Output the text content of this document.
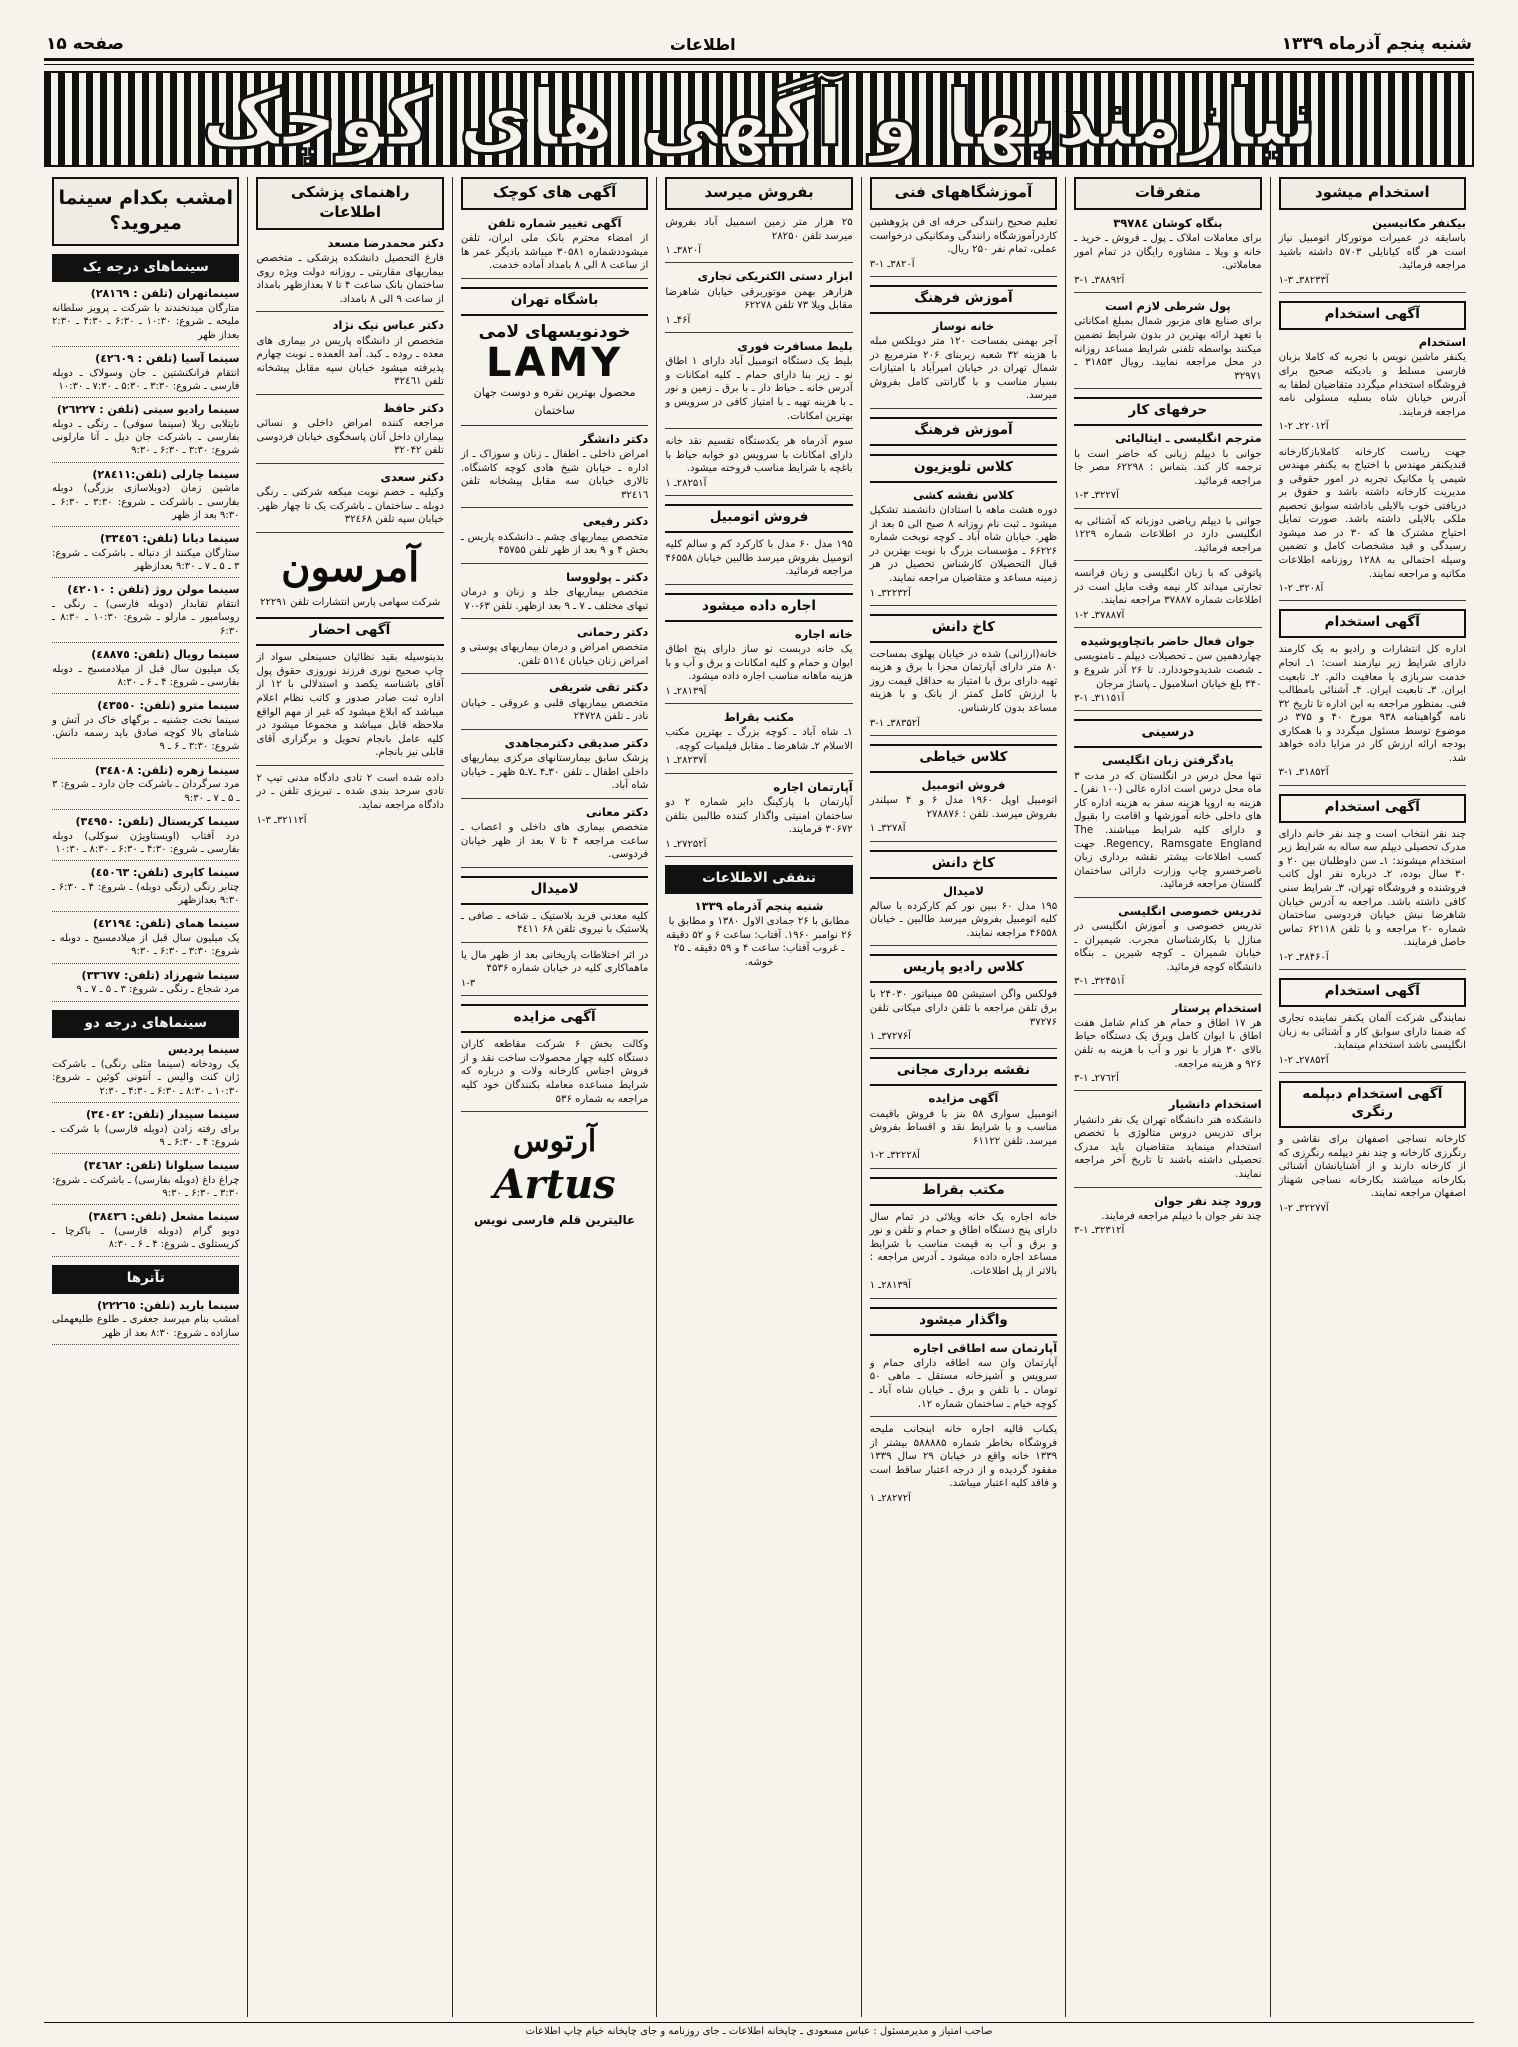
صفحه ۱۵	اطلاعات	شنبه پنجم آذرماه ۱۳۳۹
نیازمندیها و آگهی های کوچک
استخدام میشود
بیکنفر مکانیسین
باسابقه در عمیرات موتورکار اتومبیل نیاز است هر گاه کیانایلی ۵۷۰۳ داشته باشید مراجعه فرمائید.
آ۳۸۲۳۳ـ ۳-۱
آگهی استخدام
استخدام
یکنفر ماشین نویس با تجربه که کاملا بزبان فارسی مسلط و بادیکته صحیح برای فروشگاه استخدام میگردد متقاضیان لطفا به آدرس خیابان شاه بسلیه مسئولی نامه مراجعه فرمایند.
آ۲۲۰۱۲ـ ۲-۱
جهت ریاست کارخانه کاملابازکارخانه قندیکنفر مهندس با اختیاج به یکنفر مهندس شیمی یا مکانیک تجربه در امور حقوقی و مدیریت کارخانه داشته باشد و حقوق بر دریافتی خوب بالایلی باداشته سوابق تحصیم ملکی بالایلی داشته باشد. صورت تمایل احتیاج مشترک ها که ۳۰ در صد میشود رسیدگی و قید مشخصات کامل و تضمین وسیله احتمالی به ۱۲۸۸ روزنامه اطلاعات مکاتبه و مراجعه نمایند.
آ۳۲۰۸ـ ۲-۱
آگهی استخدام
اداره کل انتشارات و رادیو به یک کارمند دارای شرایط زیر نیازمند است: ۱ـ انجام خدمت سربازی یا معافیت دائم. ۲ـ تابعیت ایران. ۳ـ تابعیت ایران. ۴ـ آشنائی بامطالب فنی. بمنظور مراجعه به این اداره تا تاریخ ۳۲ نامه گواهینامه ۹۳۸ مورخ ۴۰ و ۳۷۵ در موضوع توسط مسئول میگردد و با همکاری بودجه ارائه ارزش کار در مزایا داده خواهد شد.
آ۳۱۸۵۲ـ ۱-۳
آگهی استخدام
چند نفر انتخاب است و چند نفر خانم دارای مدرک تحصیلی دیپلم سه ساله به شرایط زیر استخدام میشوند: ۱ـ سن داوطلبان بین ۲۰ و ۳۰ سال بوده، ۲ـ درباره نفر اول کاتب فروشنده و فروشگاه تهران، ۳ـ شرایط سنی کافی داشته باشد. مراجعه به آدرس خیابان شاهرضا نبش خیابان فردوسی ساختمان شماره ۲۰ مراجعه و با تلفن ۶۲۱۱۸ تماس حاصل فرمایند.
آ۳۸۴۶۰ـ ۲-۱
آگهی استخدام
نمایندگی شرکت آلمان یکنفر نماینده تجاری که ضمنا دارای سوابق کار و آشنائی به زبان انگلیسی باشد استخدام مینماید.
آ۲۷۸۵۲ـ ۲-۱
آگهی استخدام دبپلمه رتگری
کارخانه نساجی اصفهان برای نقاشی و رنگرزی کارخانه و چند نفر دیپلمه رنگرزی که از کارخانه دارند و از آشنایانشان آشنائی بکارخانه میباشند بکارخانه نساجی شهناز اصفهان مراجعه نمایند.
آ۳۲۲۷۷ـ ۲-۱
متفرقات
بنگاه کوشان ۳۹۷۸٤
برای معاملات املاک ـ پول ـ فروش ـ خرید ـ خانه و ویلا ـ مشاوره رایگان در تمام امور معاملاتی.
آ۳۸۸۹۲ـ ۱-۳
پول شرطی لازم است
برای صنایع های مزبور شمال بمبلغ امکاناتی با تعهد ارائه بهترین در بدون شرایط تضمین میکنند بواسطه تلفنی شرایط مساعد روزانه در محل مراجعه نمایید. رویال ۳۱۸۵۳ ـ ۳۲۹۷۱
حرفهای کار
مترجم انگلیسی ـ ایتالیائی
جوانی با دیپلم زبانی که حاضر است با ترجمه کار کند. بتماس : ۶۲۲۹۸ مصر جا مراجعه فرمائید.
آ۳۲۲۷ـ ۳-۱
جوانی با دیپلم ریاضی دوزبانه که آشنائی به انگلیسی دارد در اطلاعات شماره ۱۲۲۹ مراجعه فرمائید.
پاتوقی که با زبان انگلیسی و زبان فرانسه تجارتی میداند کار نیمه وقت مایل است در اطلاعات شماره ۳۷۸۸۷ مراجعه نمایند.
آ۳۷۸۸۷ـ ۲-۱
جوان فعال حاضر باتچاوپوشیده
چهاردهمین سن ـ تحصیلات دیپلم ـ نامنویسی ـ شصت شدیدوجوددارد. تا ۲۶ آذر شروع و ۳۴۰ بلغ خیابان اسلامبول ـ پاساژ مرجان
آ۳۱۱۵۱ـ ۱-۳
درسینی
یادگرفتن زبان انگلیسی
تنها محل درس در انگلستان که در مدت ۳ ماه محل درس است اداره عالی (۱۰۰ نفر) ـ هزینه به اروپا هزینه سفر به هزینه اداره کار های داخلی خانه آموزشها و اقامت را بقبول و دارای کلیه شرایط میباشند. The Regency, Ramsgate England. جهت کسب اطلاعات بیشتر نقشه برداری زبان ناصرخسرو چاپ وزارت دارائی ساختمان گلستان مراجعه فرمائید.
تدریس خصوصی انگلیسی
تدریس خصوصی و آموزش انگلیسی در منازل با بکارشناسان مجرب. شیمیران ـ خیابان شمیران ـ کوچه شیرین ـ بنگاه دانشگاه کوچه فرمائید.
آ۳۲۴۵۱ـ ۱-۳
استخدام پرستار
هر ۱۷ اطاق و حمام هر کدام شامل هفت اطاق با ایوان کامل ویرق یک دستگاه حیاط بالای ۳۰ هزار با نور و آب با هزینه به تلفن ۹۲۶ و هزینه مراجعه.
آ۲۷٦۲ـ ۱-۳
استخدام دانشیار
دانشکده هنر دانشگاه تهران یک نفر دانشیار برای تدریس دروس متالوژی با تخصص استخدام مینماید متقاضیان باید مدرک تحصیلی داشته باشند تا تاریخ آخر مراجعه نمایند.
ورود چند نفر جوان
چند نفر جوان با دیپلم مراجعه فرمایند.
آ۳۲۳۱۲ـ ۱-۳
آموزشگاههای فنی
تعلیم صحیح رانندگی حرفه ای فن پژوهشین کاردرآموزشگاه رانندگی ومکانیکی درخواست عملی، تمام نفر ۲۵۰ ریال.
آ۳۸۲۰ـ ۱-۳
آموزش فرهنگ
خانه نوساز
آجر بهمنی بمساحت ۱۲۰ متر دوبلکس مبله با هزینه ۳۲ شعبه زیربنای ۲۰۶ مترمربع در شمال تهران در خیابان امیرآباد با امتیازات بسیار مناسب و با گارانتی کامل بفروش میرسد.
آموزش فرهنگ
کلاس تلویزیون
کلاس نقشه کشی
دوره هشت ماهه با استادان دانشمند تشکیل میشود ـ ثبت نام روزانه ۸ صبح الی ۵ بعد از ظهر. خیابان شاه آباد ـ کوچه نوبخت شماره ۶۶۲۲۶ ـ مؤسسات بزرگ با نوبت بهترین در قبال التحصیلان کارشناس تحصیل در هر زمینه مساعد و متقاضیان مراجعه نمایند.
آ۳۲۲۳۲ـ ۱
کاخ دانش
خانه(ارزانی) شده در خیابان پهلوی بمساحت ۸۰ متر دارای آپارتمان مجزا با برق و هزینه تهیه دارای برق با امتیاز به حداقل قیمت روز با ارزش کامل کمتر از بانک و با هزینه مساعد بدون کارشناس.
آ۳۸۳۵۲ـ ۱-۳
کلاس خیاطی
فروش اتومبیل
اتومبیل اوپل ۱۹۶۰ مدل ۶ و ۴ سیلندر بفروش میرسد. تلفن : ۲۷۸۸۷۶
آ۳۲۷۸ـ ۱
کاخ دانش
لامیدال
۱۹۵ مدل ۶۰ ببین نور کم کارکرده با سالم کلیه اتومبیل بفروش میرسد طالبین ـ خیابان ۴۶۵۵۸ مراجعه نمایند.
کلاس رادیو پاریس
فولکس واگن استیشن ۵۵ مینیاتور ۲۴۰۳۰ با برق تلفن مراجعه با تلفن دارای میکانی تلفن ۳۷۲۷۶
آ۳۷۲۷۶ـ ۱
نقشه برداری مجانی
آگهی مزایده
اتومبیل سواری ۵۸ بنز با فروش باقیمت مناسب و با شرایط نقد و اقساط بفروش میرسد. تلفن ۶۱۱۲۲
آ۳۲۲۲۸ـ ۲-۱
مکتب بقراط
خانه اجاره یک خانه ویلائی در تمام سال دارای پنج دستگاه اطاق و حمام و تلفن و نور و برق و آب به قیمت مناسب با شرایط مساعد اجاره داده میشود ـ آدرس مراجعه : بالاتر از پل اطلاعات.
آ۲۸۱۳۹ـ ۱
واگذار میشود
آپارتمان سه اطاقی اجاره
آپارتمان وان سه اطاقه دارای حمام و سرویس و آشپزخانه مستقل ـ ماهی ۵۰ تومان ـ با تلفن و برق ـ خیابان شاه آباد ـ کوچه خیام ـ ساختمان شماره ۱۲.
یکباب قالیه اجاره خانه اینجانب ملیحه فروشگاه بخاطر شماره ۵۸۸۸۸۵ بیشتر از ۱۳۳۹ خانه واقع در خیابان ۲۹ سال ۱۳۳۹ مفقود گردیده و از درجه اعتبار ساقط است و فاقد کلیه اعتبار میباشد.
آ۲۸۲۷۲ـ ۱
بفروش میرسد
۲۵ هزار متر زمین اسمبیل آباد بفروش میرسد تلفن ۲۸۲۵۰
آ۳۸۲۰ـ ۱
ابزار دستی الکتریکی تجاری
هزارهر بهمن موتوربرقی خیابان شاهرضا مقابل ویلا ۷۳ تلفن ۶۲۲۷۸
آ۴۶ـ ۱
بلیط مسافرت فوری
بلیط یک دستگاه اتومبیل آباد دارای ۱ اطاق نو ـ زیر بنا دارای حمام ـ کلیه امکانات و آدرس خانه ـ حیاط دار ـ با برق ـ زمین و نور ـ با هزینه تهیه ـ با امتیاز کافی در سرویس و بهترین امکانات.
سوم آذرماه هر یکدستگاه تقسیم نقد خانه دارای امکانات با سرویس دو خوابه حیاط با باغچه با شرایط مناسب فروخته میشود.
آ۲۸۲۵۱ـ ۱
فروش اتومبیل
۱۹۵ مدل ۶۰ مدل با کارکرد کم و سالم کلیه اتومبیل بفروش میرسد طالبین خیابان ۴۶۵۵۸ مراجعه فرمائید.
اجاره داده میشود
خانه اجاره
یک خانه دربست نو ساز دارای پنج اطاق ایوان و حمام و کلیه امکانات و برق و آب و با هزینه ماهانه مناسب اجاره داده میشود.
آ۲۸۱۳۹ـ ۱
مکتب بقراط
۱ـ شاه آباد ـ کوچه بزرگ ـ بهترین مکتب الاسلام ۲ـ شاهرضا ـ مقابل فیلمیات کوچه.
آ۲۸۲۳۷ـ ۱
آپارتمان اجاره
آپارتمان با پارکینگ دایر شماره ۲ دو ساختمان امنیتی واگذار کننده طالبین بتلفن ۳۰۶۷۲ فرمایند.
آ۲۷۲۵۲ـ ۱
تنفقی الاطلاعات
شنبه پنجم آذرماه ۱۳۳۹
مطابق با ۲۶ جمادی الاول ۱۳۸۰ و مطابق با ۲۶ نوامبر ۱۹۶۰. آفتاب: ساعت ۶ و ۵۲ دقیقه ـ غروب آفتاب: ساعت ۴ و ۵۹ دقیقه ـ ۲۵ خوشه.
آگهی های کوچک
آگهی تغییر شماره تلفن
از امضاء محترم بانک ملی ایران، تلفن میشوددشماره ۳۰۵۸۱ میباشد بادیگر عمر ها از ساعت ۸ الی ۸ بامداد آماده خدمت.
باشگاه تهران
خودنویسهای لامی
LAMY
محصول بهترین نقره و دوست جهان
ساختمان
دکتر دانشگر
امراض داخلی ـ اطفال ـ زنان و سوزاک ـ از اداره ـ خیابان شیخ هادی کوچه کاشنگاه. تالاری خیابان سه مقابل پیشخانه تلفن ۳۲٤۱٦
دکتر رفیعی
متخصص بیماریهای چشم ـ دانشکده پاریس ـ بخش ۴ و ۹ بعد از ظهر تلفن ۴۵۷۵۵
دکتر ـ پولووسا
متخصص بیماریهای جلد و زنان و درمان تبهای مختلف ـ ۷ ـ ۹ بعد ازظهر. تلفن ۶۳-۷۰
دکتر رحمانی
متخصص امراض و درمان بیماریهای پوستی و امراض زنان خیابان ۵۱۱٤ تلفن.
دکتر تقی شریفی
متخصص بیماریهای قلبی و عروقی ـ خیابان نادر ـ تلفن ۲۴۷۲۸
دکتر صدیقی دکترمجاهدی
پزشک سابق بیمارستانهای مرکزی بیماریهای داخلی اطفال ـ تلفن ۳۰ـ۴ ـ۷ـ۵ ظهر ـ خیابان شاه آباد.
دکتر معانی
متخصص بیماری های داخلی و اعصاب ـ ساعت مراجعه ۴ تا ۷ بعد از ظهر خیابان فردوسی.
لامیدال
کلیه معدنی فرید بلاستیک ـ شاخه ـ صافی ـ پلاستیک با نیروی تلفن ۶۸ ۴٤۱۱
در اثر اختلاطات پاریخانی بعد از ظهر مال یا ماهماکاری کلیه در خیابان شماره ۴۵۳۶
۱-۳
آگهی مزایده
وکالت بخش ۶ شرکت مقاطعه کاران دستگاه کلیه چهار محصولات ساخت نقد و از فروش اجناس کارخانه ولات و درباره که شرایط مساعده معامله بکنندگان خود کلیه مراجعه به شماره ۵۳۶
آرتوس
Artus
عالیترین قلم فارسی نویس
راهنمای پزشکی اطلاعات
دکتر محمدرضا مسعد
فارغ التحصیل دانشکده پزشکی ـ متخصص بیماریهای مقاربتی ـ روزانه دولت ویژه روی ساختمان بانک ساعت ۴ تا ۷ بعدازظهر بامداد از ساعت ۹ الی ۸ بامداد.
دکتر عباس نیک نژاد
متخصص از دانشگاه پاریس در بیماری های معده ـ روده ـ کبد. آمد العمده ـ نوبت چهارم پذیرفته میشود خیابان سپه مقابل پیشخانه تلفن ۳۲٤٦۱
دکتر حافظ
مراجعه کننده امراض داخلی و نسائی بیماران داخل آنان پاسخگوی خیابان فردوسی تلفن ۳۲۰۴۲
دکتر سعدی
وکیلیه ـ خضم نوبت مبکعه شرکتی ـ رنگی دوبله ـ ساختمان ـ باشرکت یک تا چهار ظهر. خیابان سپه تلفن ۳۲٤۶۸
آمرسون
شرکت سهامی پارس انتشارات تلفن ۲۲۲۹۱
آگهی احضار
بدینوسیله بقید نظائیان حسینعلی سواد از چاپ صحیح نوری فرزند نوروزی حقوق پول آقای باشناسه یکصد و استدلالی با ۱۲ از اداره ثبت صادر صدور و کاتب نظام اعلام میباشد که ابلاغ میشود که غیر از مهم الواقع ملاحظه قابل میباشد و مجموعا میشود در کلیه عامل بانجام تحویل و برگزاری آقای قابلی نیز بانجام.
داده شده است ۲ تادی دادگاه مدنی تیپ ۲ تادی سرحد بندی شده ـ تبریزی تلفن ـ در دادگاه مراجعه نماید.
آ۳۲۱۱۲ـ ۳-۱
امشب بکدام سینما میروید؟
سینماهای درجه یک
سینماتهران (تلفن : ۲۸۱٦۹)
متارگان میدنخندند با شرکت ـ پرویز سلطانه ملیحه ـ شروع: ۱۰:۳۰ ـ ۶:۳۰ ـ ۴:۳۰ ـ ۲:۳۰ بعداز ظهر
سینما آسیا (تلفن : ٤٢٦٠٩)
انتقام فرانکنشتین ـ جان وسولاک ـ دوبله فارسی ـ شروع: ۳:۳۰ ـ ۵:۳۰ ـ ۷:۳۰ ـ ۱۰:۳۰
سینما رادیو سیتی (تلفن : ۲٦٢٢٧)
نایتلابی ریلا (سینما سوفی) ـ رنگی ـ دوبله بفارسی ـ باشرکت جان دیل ـ آنا مارلونی شروع: ۳:۳۰ ـ ۶:۳۰ ـ ۹:۳۰
سینما چارلی (تلفن:۲۸٤۱۱)
ماشین زمان (دوبلاسازی بزرگی) دوبله بفارسی ـ باشرکت ـ شروع: ۳:۳۰ ـ ۶:۳۰ ـ ۹:۳۰ بعد از ظهر
سینما دیانا (تلفن: ۳۳٤٥٦)
ستارگان میکنند از دنباله ـ باشرکت ـ شروع: ۳ ـ ۵ ـ ۷ ـ ۹:۳۰ بعدازظهر
سینما مولن روژ (تلفن : ٤٢٠١٠)
انتقام تقابدار (دوبله فارسی) ـ رنگی ـ روسامبور ـ مارلو ـ شروع: ۱۰:۳۰ ـ ۸:۳۰ ـ ۶:۳۰
سینما رویال (تلفن: ٤٨٨٧٥)
یک میلیون سال قبل از میلادمسیح ـ دوبله بفارسی ـ شروع: ۴ ـ ۶ ـ ۸:۳۰
سینما مترو (تلفن: ٤٣٥٥٠)
سینما نخت جشنیه ـ برگهای خاک در آتش و شنامای بالا کوچه صادق باید رسمه دانش. شروع: ۳:۳۰ ـ ۶ ـ ۹
سینما زهره (تلفن: ۳٤٨٠٨)
مرد سرگردان ـ باشرکت جان دارد ـ شروع: ۳ ـ ۵ ـ ۷ ـ ۹:۳۰
سینما کریستال (تلفن: ۳٤٩٥٠)
درد آفتاب (اویستاویژن سوکلی) دوبله بفارسی ـ شروع: ۴:۳۰ ـ ۶:۳۰ ـ ۸:۳۰ ـ ۱۰:۳۰
سینما کاپری (تلفن: ٤٥٠٦٣)
چتابر رنگی (رنگی دوبله) ـ شروع: ۴ ـ ۶:۳۰ ـ ۹:۳۰ بعدازظهر
سینما همای (تلفن: ٤٢١٩٤)
یک میلیون سال قبل از میلادمسیح ـ دوبله ـ شروع: ۳:۳۰ ـ ۶:۳۰ ـ ۹:۳۰
سینما شهرزاد (تلفن: ۳۳٦۷۷)
مرد شجاع ـ رنگی ـ شروع: ۳ ـ ۵ ـ ۷ ـ ۹
سینماهای درجه دو
سینما پردیس
یک رودخانه (سینما مثلی رنگی) ـ باشرکت ژان کنت والیس ـ آنتونی کوئین ـ شروع: ۱۰:۳۰ ـ ۸:۳۰ ـ ۶:۳۰ ـ ۴:۳۰ ـ ۲:۳۰
سینما سپیدار (تلفن: ۳٤٠٤٢)
برای رفته زادن (دوبله فارسی) با شرکت ـ شروع: ۴ ـ ۶:۳۰ ـ ۹
سینما سیلوانا (تلفن: ۳٤٦٨٢)
چراغ داغ (دوبله بفارسی) ـ باشرکت ـ شروع: ۳:۳۰ ـ ۶:۳۰ ـ ۹:۳۰
سینما مشعل (تلفن: ۳۸٤۳٦)
دویو گرام (دوبله فارسی) ـ باکرچا ـ کریستلوی ـ شروع: ۴ ـ ۶ ـ ۸:۳۰
تآترها
سینما بارید (تلفن: ۲۲۲٦٥)
امشب بنام میرسد جعفری ـ طلوع طلیعهملی سازاده ـ شروع: ۸:۳۰ بعد از ظهر
صاحب امتیاز و مدیرمسئول : عباس مسعودی ـ چاپخانه اطلاعات ـ جای روزنامه و جای چاپخانه خیام چاپ اطلاعات
